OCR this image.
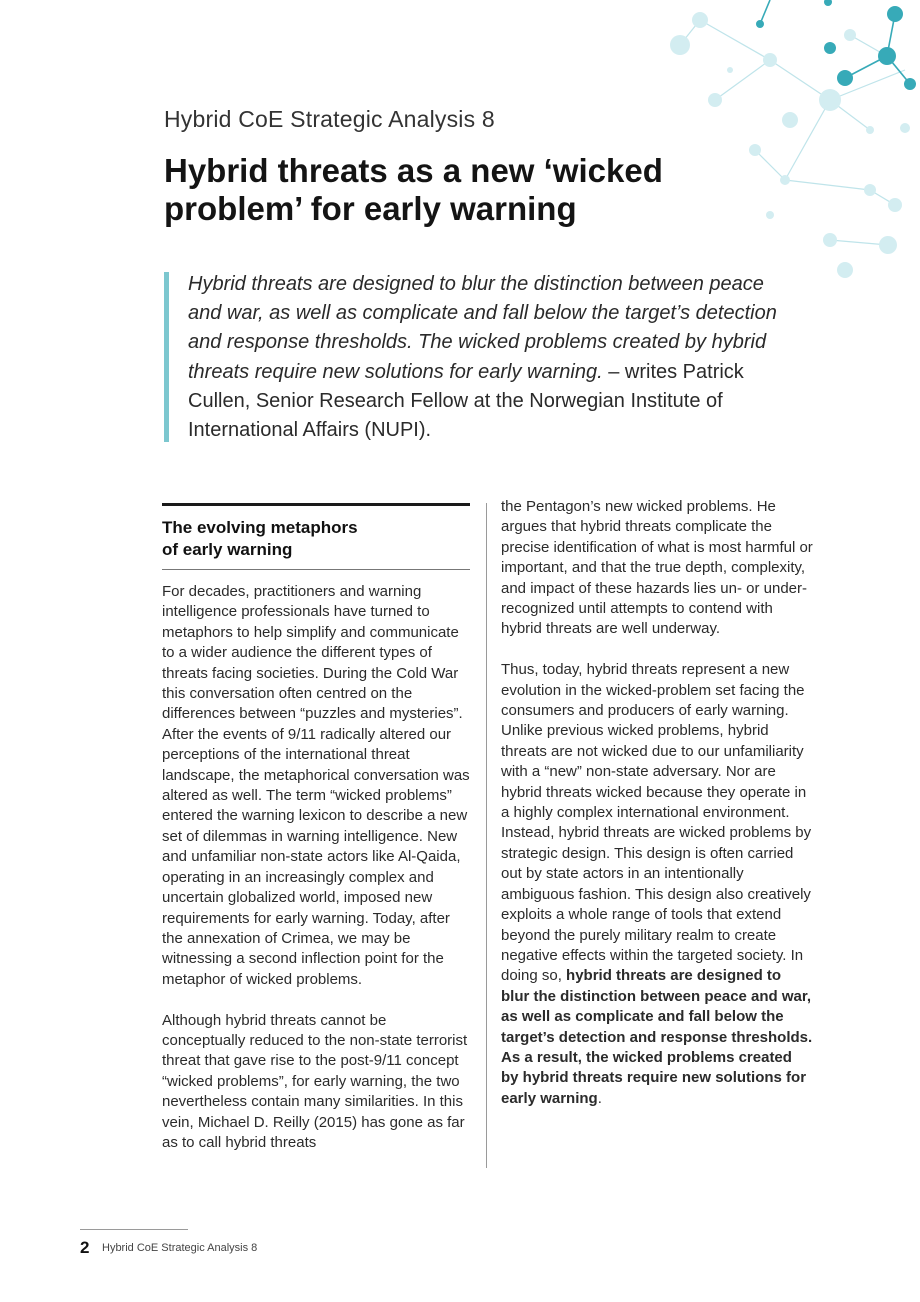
Hybrid CoE Strategic Analysis 8
Hybrid threats as a new ‘wicked problem’ for early warning

Hybrid threats are designed to blur the distinction between peace and war, as well as complicate and fall below the target’s detection and response thresholds. The wicked problems created by hybrid threats require new solutions for early warning. – writes Patrick Cullen, Senior Research Fellow at the Norwegian Institute of International Affairs (NUPI).

The evolving metaphors
of early warning

For decades, practitioners and warning intelligence professionals have turned to metaphors to help simplify and communicate to a wider audience the different types of threats facing societies. During the Cold War this conversation often centred on the differences between “puzzles and mysteries”. After the events of 9/11 radically altered our perceptions of the international threat landscape, the metaphorical conversation was altered as well. The term “wicked problems” entered the warning lexicon to describe a new set of dilemmas in warning intelligence. New and unfamiliar non-state actors like Al-Qaida, operating in an increasingly complex and uncertain globalized world, imposed new requirements for early warning. Today, after the annexation of Crimea, we may be witnessing a second inflection point for the metaphor of wicked problems.

Although hybrid threats cannot be conceptually reduced to the non-state terrorist threat that gave rise to the post-9/11 concept “wicked problems”, for early warning, the two nevertheless contain many similarities. In this vein, Michael D. Reilly (2015) has gone as far as to call hybrid threats

the Pentagon’s new wicked problems. He argues that hybrid threats complicate the precise identification of what is most harmful or important, and that the true depth, complexity, and impact of these hazards lies un- or under-recognized until attempts to contend with hybrid threats are well underway.

Thus, today, hybrid threats represent a new evolution in the wicked-problem set facing the consumers and producers of early warning. Unlike previous wicked problems, hybrid threats are not wicked due to our unfamiliarity with a “new” non-state adversary. Nor are hybrid threats wicked because they operate in a highly complex international environment. Instead, hybrid threats are wicked problems by strategic design. This design is often carried out by state actors in an intentionally ambiguous fashion. This design also creatively exploits a whole range of tools that extend beyond the purely military realm to create negative effects within the targeted society. In doing so, hybrid threats are designed to blur the distinction between peace and war, as well as complicate and fall below the target’s detection and response thresholds. As a result, the wicked problems created by hybrid threats require new solutions for early warning.

2 Hybrid CoE Strategic Analysis 8
